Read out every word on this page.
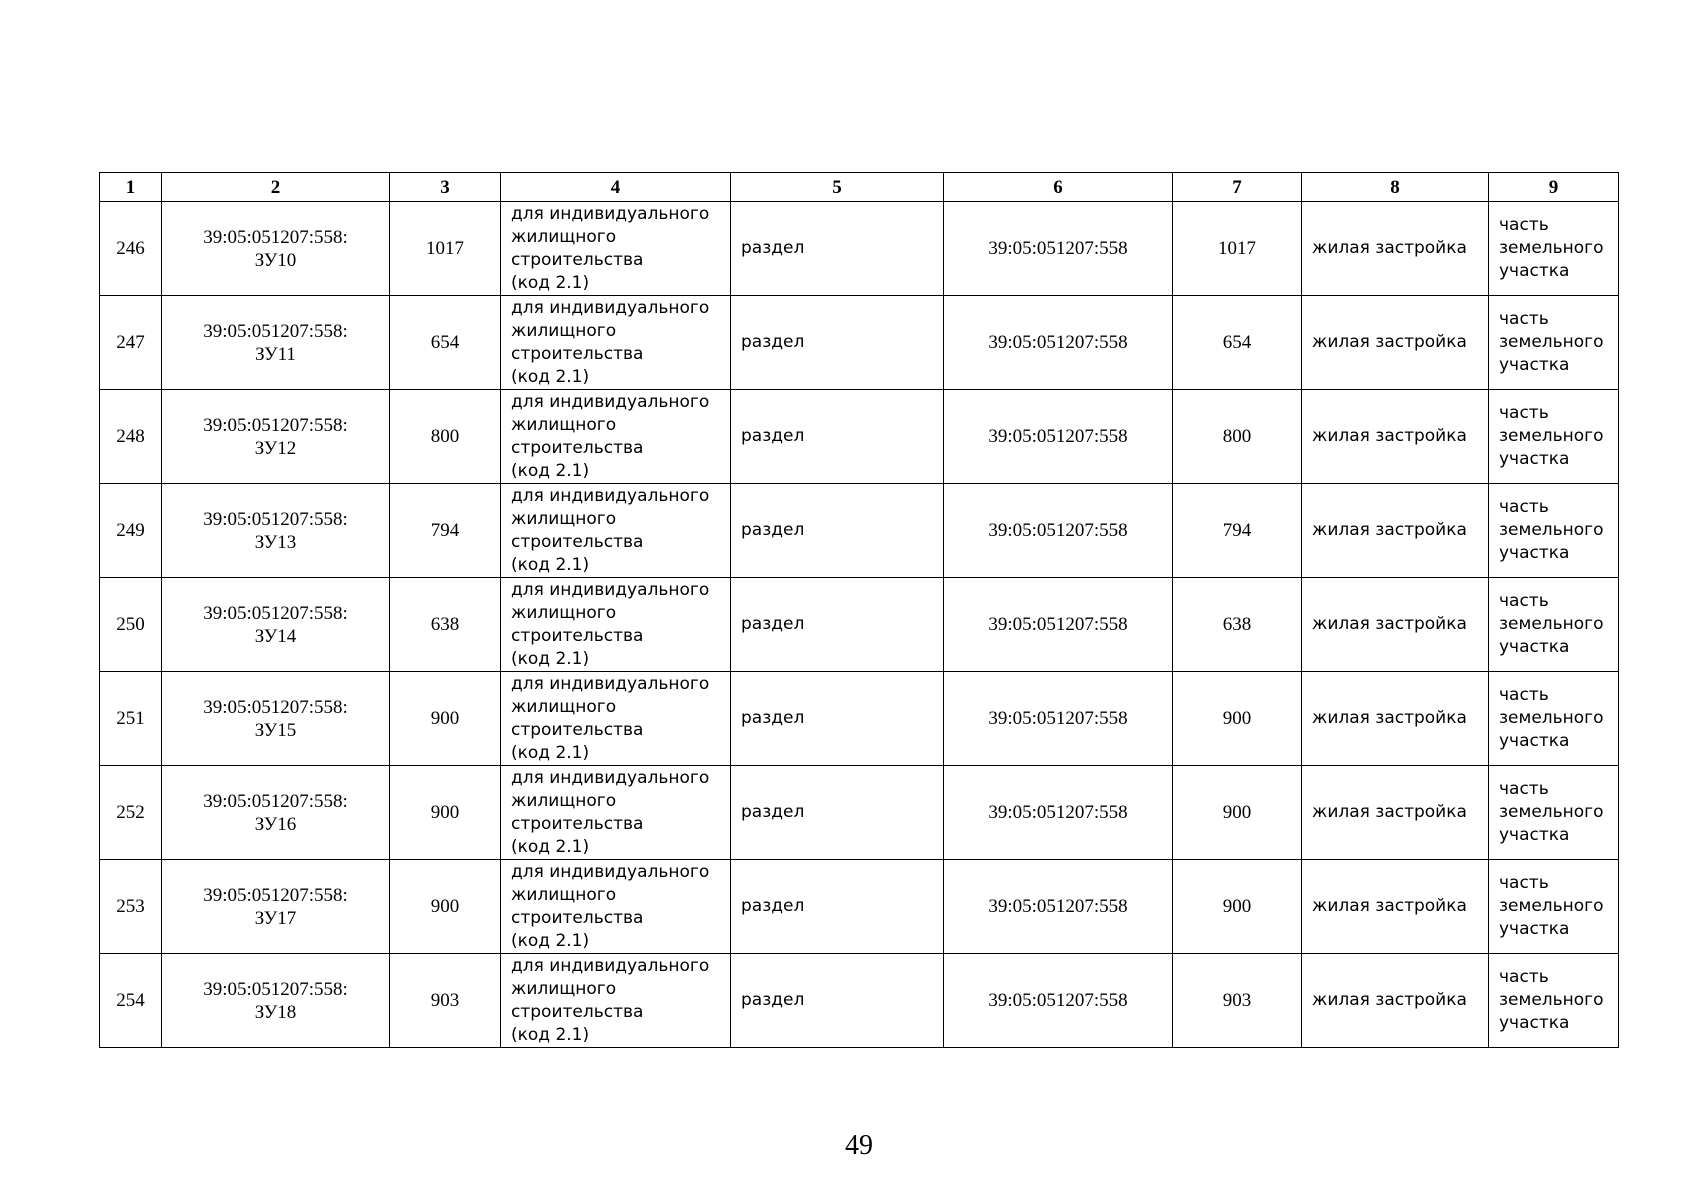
1	2	3	4	5	6	7	8	9

246	39:05:051207:558:
ЗУ10	1017	для индивидуального
жилищного
строительства
(код 2.1)	раздел	39:05:051207:558	1017	жилая застройка	часть
земельного
участка

247	39:05:051207:558:
ЗУ11	654	для индивидуального
жилищного
строительства
(код 2.1)	раздел	39:05:051207:558	654	жилая застройка	часть
земельного
участка

248	39:05:051207:558:
ЗУ12	800	для индивидуального
жилищного
строительства
(код 2.1)	раздел	39:05:051207:558	800	жилая застройка	часть
земельного
участка

249	39:05:051207:558:
ЗУ13	794	для индивидуального
жилищного
строительства
(код 2.1)	раздел	39:05:051207:558	794	жилая застройка	часть
земельного
участка

250	39:05:051207:558:
ЗУ14	638	для индивидуального
жилищного
строительства
(код 2.1)	раздел	39:05:051207:558	638	жилая застройка	часть
земельного
участка

251	39:05:051207:558:
ЗУ15	900	для индивидуального
жилищного
строительства
(код 2.1)	раздел	39:05:051207:558	900	жилая застройка	часть
земельного
участка

252	39:05:051207:558:
ЗУ16	900	для индивидуального
жилищного
строительства
(код 2.1)	раздел	39:05:051207:558	900	жилая застройка	часть
земельного
участка

253	39:05:051207:558:
ЗУ17	900	для индивидуального
жилищного
строительства
(код 2.1)	раздел	39:05:051207:558	900	жилая застройка	часть
земельного
участка

254	39:05:051207:558:
ЗУ18	903	для индивидуального
жилищного
строительства
(код 2.1)	раздел	39:05:051207:558	903	жилая застройка	часть
земельного
участка
49
